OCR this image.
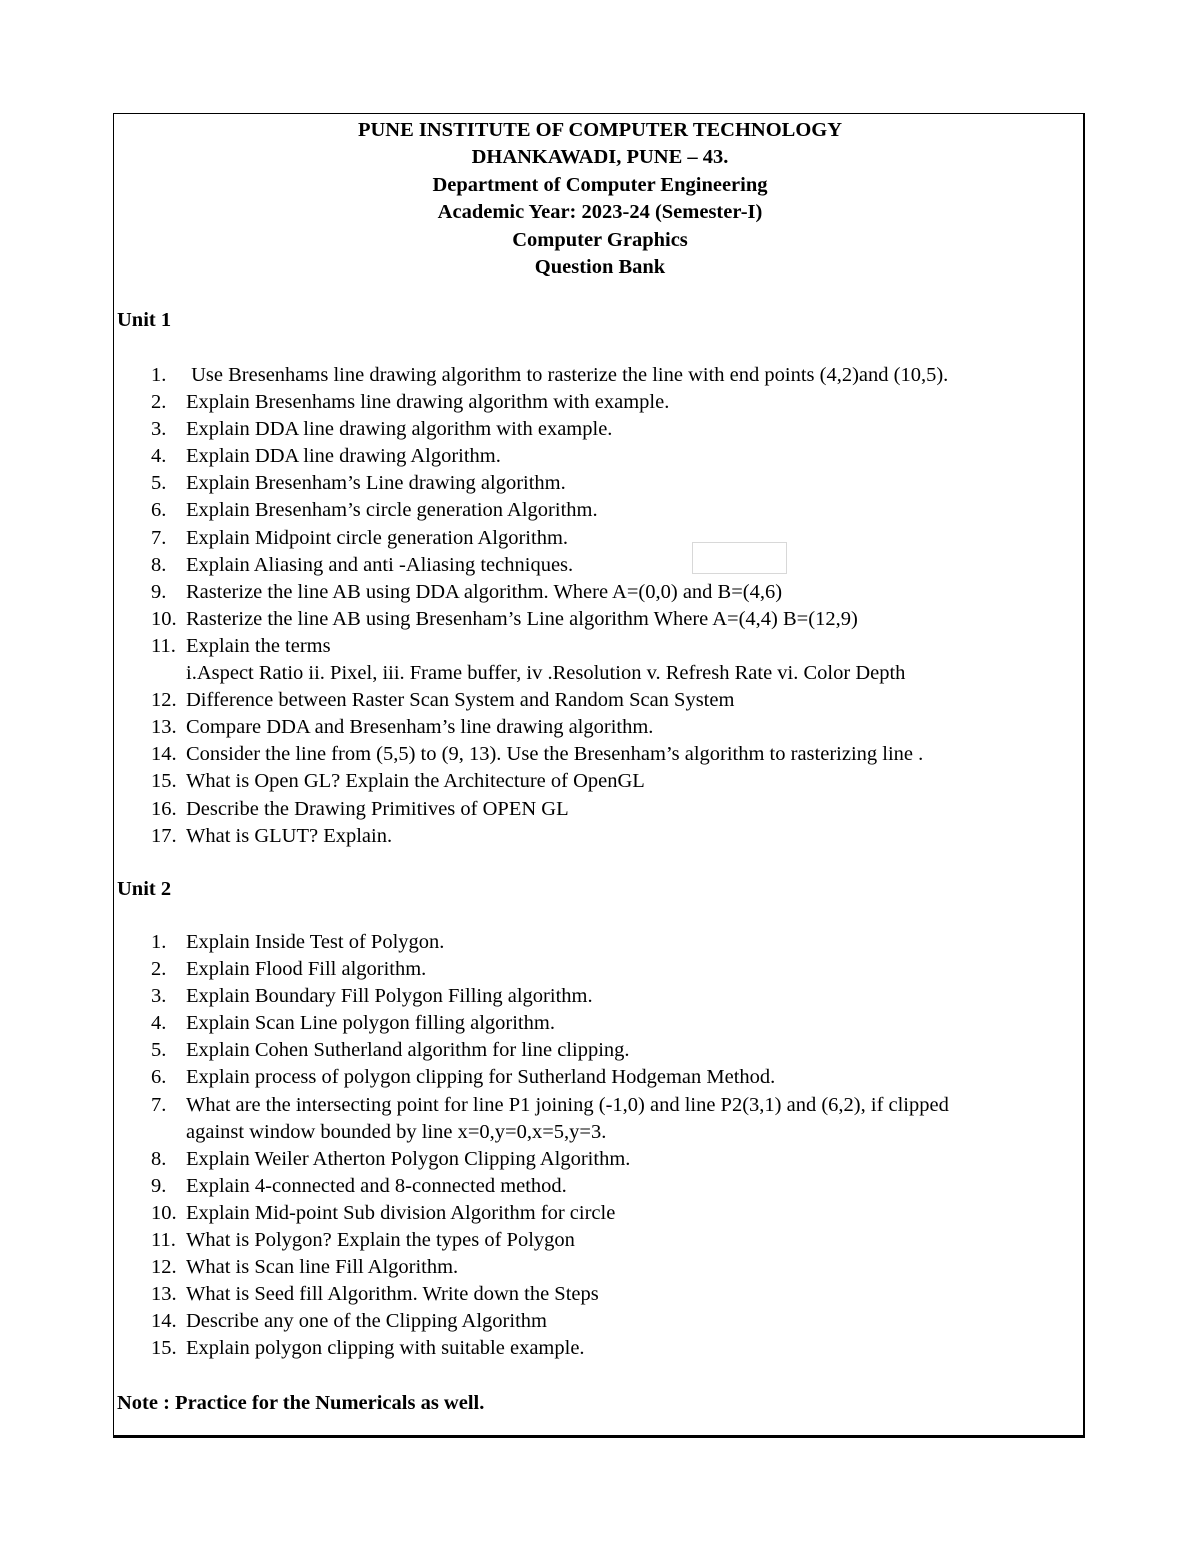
PUNE INSTITUTE OF COMPUTER TECHNOLOGY
DHANKAWADI, PUNE – 43.
Department of Computer Engineering
Academic Year: 2023-24 (Semester-I)
Computer Graphics
Question Bank
Unit 1
1. Use Bresenhams line drawing algorithm to rasterize the line with end points (4,2)and (10,5).
2. Explain Bresenhams line drawing algorithm with example.
3. Explain DDA line drawing algorithm with example.
4. Explain DDA line drawing Algorithm.
5. Explain Bresenham’s Line drawing algorithm.
6. Explain Bresenham’s circle generation Algorithm.
7. Explain Midpoint circle generation Algorithm.
8. Explain Aliasing and anti -Aliasing techniques.
9. Rasterize the line AB using DDA algorithm. Where A=(0,0) and B=(4,6)
10. Rasterize the line AB using Bresenham’s Line algorithm Where A=(4,4) B=(12,9)
11. Explain the terms
i.Aspect Ratio ii. Pixel, iii. Frame buffer, iv .Resolution v. Refresh Rate vi. Color Depth
12. Difference between Raster Scan System and Random Scan System
13. Compare DDA and Bresenham’s line drawing algorithm.
14. Consider the line from (5,5) to (9, 13). Use the Bresenham’s algorithm to rasterizing line .
15. What is Open GL? Explain the Architecture of OpenGL
16. Describe the Drawing Primitives of OPEN GL
17. What is GLUT? Explain.
Unit 2
1. Explain Inside Test of Polygon.
2. Explain Flood Fill algorithm.
3. Explain Boundary Fill Polygon Filling algorithm.
4. Explain Scan Line polygon filling algorithm.
5. Explain Cohen Sutherland algorithm for line clipping.
6. Explain process of polygon clipping for Sutherland Hodgeman Method.
7. What are the intersecting point for line P1 joining (-1,0) and line P2(3,1) and (6,2), if clipped
against window bounded by line x=0,y=0,x=5,y=3.
8. Explain Weiler Atherton Polygon Clipping Algorithm.
9. Explain 4-connected and 8-connected method.
10. Explain Mid-point Sub division Algorithm for circle
11. What is Polygon? Explain the types of Polygon
12. What is Scan line Fill Algorithm.
13. What is Seed fill Algorithm. Write down the Steps
14. Describe any one of the Clipping Algorithm
15. Explain polygon clipping with suitable example.
Note : Practice for the Numericals as well.
